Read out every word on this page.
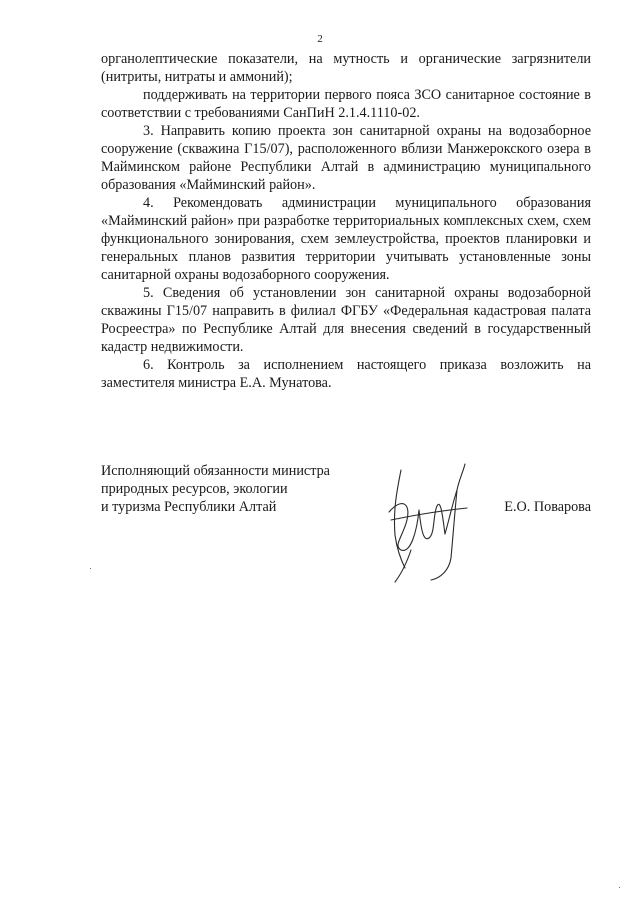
2

органолептические показатели, на мутность и органические загрязнители (нитриты, нитраты и аммоний);

поддерживать на территории первого пояса ЗСО санитарное состояние в соответствии с требованиями СанПиН 2.1.4.1110-02.

3. Направить копию проекта зон санитарной охраны на водозаборное сооружение (скважина Г15/07), расположенного вблизи Манжерокского озера в Майминском районе Республики Алтай в администрацию муниципального образования «Майминский район».

4. Рекомендовать администрации муниципального образования «Майминский район» при разработке территориальных комплексных схем, схем функционального зонирования, схем землеустройства, проектов планировки и генеральных планов развития территории учитывать установленные зоны санитарной охраны водозаборного сооружения.

5. Сведения об установлении зон санитарной охраны водозаборной скважины Г15/07 направить в филиал ФГБУ «Федеральная кадастровая палата Росреестра» по Республике Алтай для внесения сведений в государственный кадастр недвижимости.

6. Контроль за исполнением настоящего приказа возложить на заместителя министра Е.А. Мунатова.

Исполняющий обязанности министра
природных ресурсов, экологии
и туризма Республики Алтай	Е.О. Поварова
